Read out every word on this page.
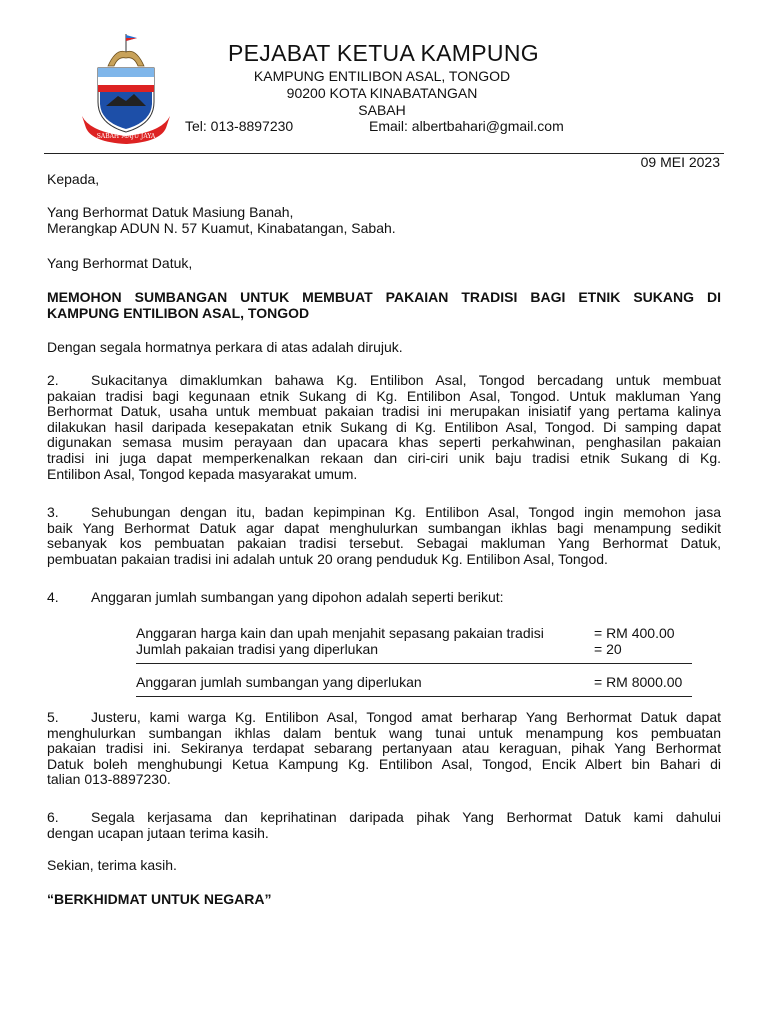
SABAH MAJU JAYA
PEJABAT KETUA KAMPUNG
KAMPUNG ENTILIBON ASAL, TONGOD
90200 KOTA KINABATANGAN
SABAH
Tel: 013-8897230	Email: albertbahari@gmail.com
09 MEI 2023
Kepada,
Yang Berhormat Datuk Masiung Banah,
Merangkap ADUN N. 57 Kuamut, Kinabatangan, Sabah.
Yang Berhormat Datuk,
MEMOHON SUMBANGAN UNTUK MEMBUAT PAKAIAN TRADISI BAGI ETNIK SUKANG DI
KAMPUNG ENTILIBON ASAL, TONGOD
Dengan segala hormatnya perkara di atas adalah dirujuk.
2. Sukacitanya dimaklumkan bahawa Kg. Entilibon Asal, Tongod bercadang untuk membuat
pakaian tradisi bagi kegunaan etnik Sukang di Kg. Entilibon Asal, Tongod. Untuk makluman Yang
Berhormat Datuk, usaha untuk membuat pakaian tradisi ini merupakan inisiatif yang pertama kalinya
dilakukan hasil daripada kesepakatan etnik Sukang di Kg. Entilibon Asal, Tongod. Di samping dapat
digunakan semasa musim perayaan dan upacara khas seperti perkahwinan, penghasilan pakaian
tradisi ini juga dapat memperkenalkan rekaan dan ciri-ciri unik baju tradisi etnik Sukang di Kg.
Entilibon Asal, Tongod kepada masyarakat umum.
3. Sehubungan dengan itu, badan kepimpinan Kg. Entilibon Asal, Tongod ingin memohon jasa
baik Yang Berhormat Datuk agar dapat menghulurkan sumbangan ikhlas bagi menampung sedikit
sebanyak kos pembuatan pakaian tradisi tersebut. Sebagai makluman Yang Berhormat Datuk,
pembuatan pakaian tradisi ini adalah untuk 20 orang penduduk Kg. Entilibon Asal, Tongod.
4. Anggaran jumlah sumbangan yang dipohon adalah seperti berikut:
Anggaran harga kain dan upah menjahit sepasang pakaian tradisi	= RM 400.00
Jumlah pakaian tradisi yang diperlukan	= 20
Anggaran jumlah sumbangan yang diperlukan	= RM 8000.00
5. Justeru, kami warga Kg. Entilibon Asal, Tongod amat berharap Yang Berhormat Datuk dapat
menghulurkan sumbangan ikhlas dalam bentuk wang tunai untuk menampung kos pembuatan
pakaian tradisi ini. Sekiranya terdapat sebarang pertanyaan atau keraguan, pihak Yang Berhormat
Datuk boleh menghubungi Ketua Kampung Kg. Entilibon Asal, Tongod, Encik Albert bin Bahari di
talian 013-8897230.
6. Segala kerjasama dan keprihatinan daripada pihak Yang Berhormat Datuk kami dahului
dengan ucapan jutaan terima kasih.
Sekian, terima kasih.
“BERKHIDMAT UNTUK NEGARA”
